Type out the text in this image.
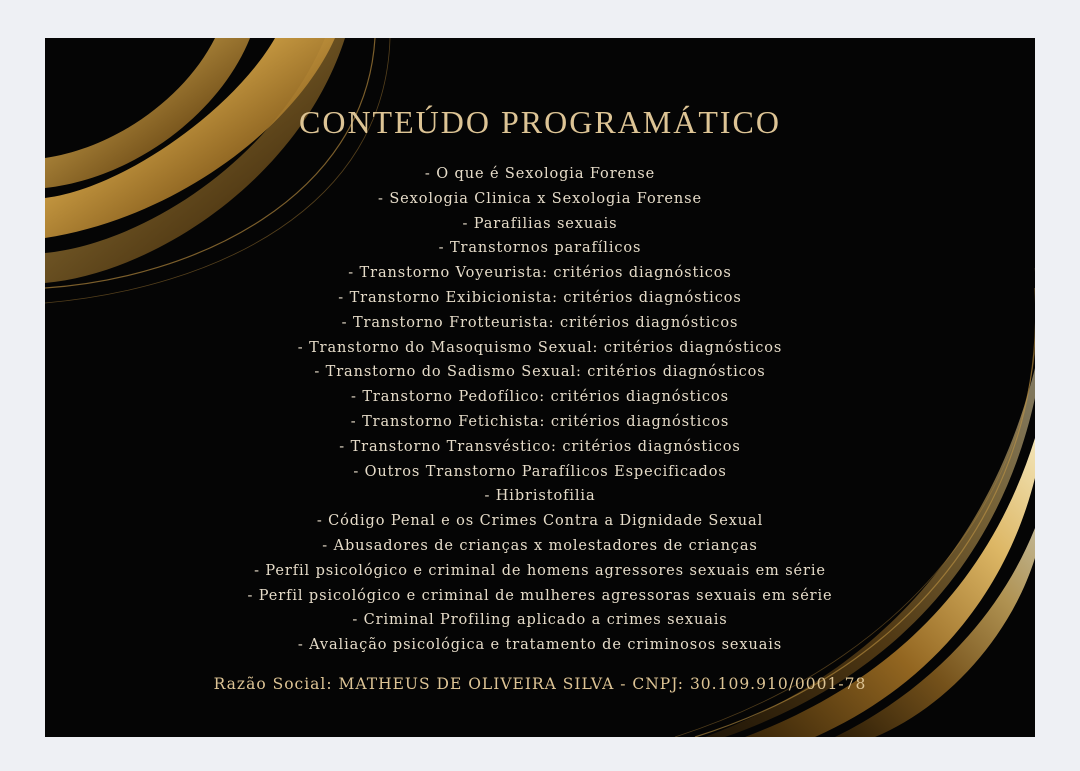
CONTEÚDO PROGRAMÁTICO
- O que é Sexologia Forense
- Sexologia Clinica x Sexologia Forense
- Parafilias sexuais
- Transtornos parafílicos
- Transtorno Voyeurista: critérios diagnósticos
- Transtorno Exibicionista: critérios diagnósticos
- Transtorno Frotteurista: critérios diagnósticos
- Transtorno do Masoquismo Sexual: critérios diagnósticos
- Transtorno do Sadismo Sexual: critérios diagnósticos
- Transtorno Pedofílico: critérios diagnósticos
- Transtorno Fetichista: critérios diagnósticos
- Transtorno Transvéstico: critérios diagnósticos
- Outros Transtorno Parafílicos Especificados
- Hibristofilia
- Código Penal e os Crimes Contra a Dignidade Sexual
- Abusadores de crianças x molestadores de crianças
- Perfil psicológico e criminal de homens agressores sexuais em série
- Perfil psicológico e criminal de mulheres agressoras sexuais em série
- Criminal Profiling aplicado a crimes sexuais
- Avaliação psicológica e tratamento de criminosos sexuais
Razão Social: MATHEUS DE OLIVEIRA SILVA - CNPJ: 30.109.910/0001-78
